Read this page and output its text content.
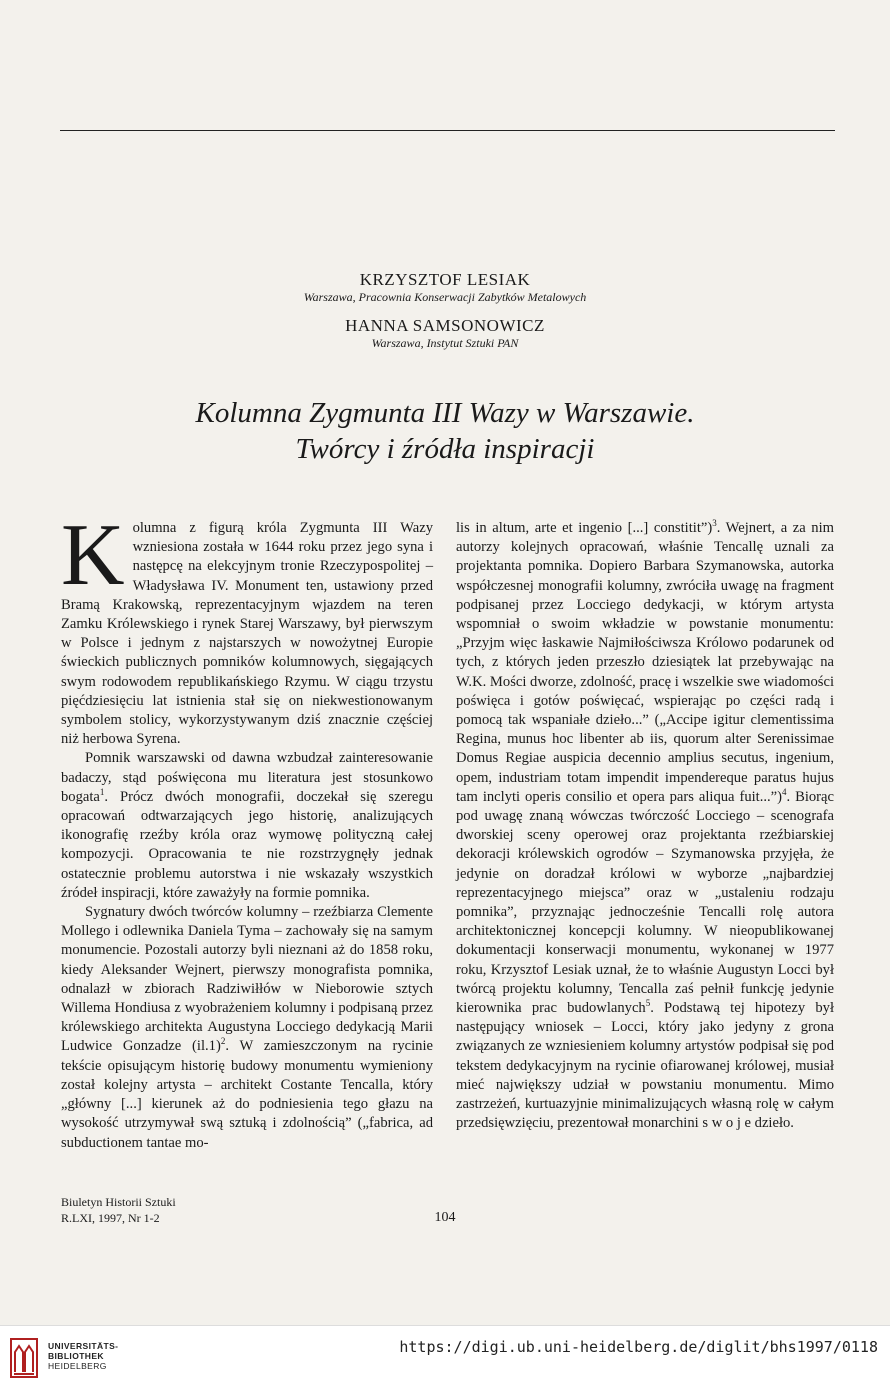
KRZYSZTOF LESIAK
Warszawa, Pracownia Konserwacji Zabytków Metalowych
HANNA SAMSONOWICZ
Warszawa, Instytut Sztuki PAN
Kolumna Zygmunta III Wazy w Warszawie.
Twórcy i źródła inspiracji

Kolumna z figurą króla Zygmunta III Wazy wzniesiona została w 1644 roku przez jego syna i następcę na elekcyjnym tronie Rzeczypospolitej – Władysława IV. Monument ten, ustawiony przed Bramą Krakowską, reprezentacyjnym wjazdem na teren Zamku Królewskiego i rynek Starej Warszawy, był pierwszym w Polsce i jednym z najstarszych w nowożytnej Europie świeckich publicznych pomników kolumnowych, sięgających swym rodowodem republikańskiego Rzymu. W ciągu trzystu pięćdziesięciu lat istnienia stał się on niekwestionowanym symbolem stolicy, wykorzystywanym dziś znacznie częściej niż herbowa Syrena.

Pomnik warszawski od dawna wzbudzał zainteresowanie badaczy, stąd poświęcona mu literatura jest stosunkowo bogata$^1$. Prócz dwóch monografii, doczekał się szeregu opracowań odtwarzających jego historię, analizujących ikonografię rzeźby króla oraz wymowę polityczną całej kompozycji. Opracowania te nie rozstrzygnęły jednak ostatecznie problemu autorstwa i nie wskazały wszystkich źródeł inspiracji, które zaważyły na formie pomnika.

Sygnatury dwóch twórców kolumny – rzeźbiarza Clemente Mollego i odlewnika Daniela Tyma – zachowały się na samym monumencie. Pozostali autorzy byli nieznani aż do 1858 roku, kiedy Aleksander Wejnert, pierwszy monografista pomnika, odnalazł w zbiorach Radziwiłłów w Nieborowie sztych Willema Hondiusa z wyobrażeniem kolumny i podpisaną przez królewskiego architekta Augustyna Locciego dedykacją Marii Ludwice Gonzadze $(il.1)^2$. W zamieszczonym na rycinie tekście opisującym historię budowy monumentu wymieniony został kolejny artysta – architekt Costante Tencalla, który „główny [...] kierunek aż do podniesienia tego głazu na wysokość utrzymywał swą sztuką i zdolnością” („fabrica, ad subductionem tantae mo-

lis in altum, arte et ingenio [...] constitit”)$^3$. Wejnert, a za nim autorzy kolejnych opracowań, właśnie Tencallę uznali za projektanta pomnika. Dopiero Barbara Szymanowska, autorka współczesnej monografii kolumny, zwróciła uwagę na fragment podpisanej przez Locciego dedykacji, w którym artysta wspomniał o swoim wkładzie w powstanie monumentu: „Przyjm więc łaskawie Najmiłościwsza Królowo podarunek od tych, z których jeden przeszło dziesiątek lat przebywając na W.K. Mości dworze, zdolność, pracę i wszelkie swe wiadomości poświęca i gotów poświęcać, wspierając po części radą i pomocą tak wspaniałe dzieło...” („Accipe igitur clementissima Regina, munus hoc libenter ab iis, quorum alter Serenissimae Domus Regiae auspicia decennio amplius secutus, ingenium, opem, industriam totam impendit impendereque paratus hujus tam inclyti operis consilio et opera pars aliqua fuit...”)$^4$. Biorąc pod uwagę znaną wówczas twórczość Locciego – scenografa dworskiej sceny operowej oraz projektanta rzeźbiarskiej dekoracji królewskich ogrodów – Szymanowska przyjęła, że jedynie on doradzał królowi w wyborze „najbardziej reprezentacyjnego miejsca” oraz w „ustaleniu rodzaju pomnika”, przyznając jednocześnie Tencalli rolę autora architektonicznej koncepcji kolumny. W nieopublikowanej dokumentacji konserwacji monumentu, wykonanej w 1977 roku, Krzysztof Lesiak uznał, że to właśnie Augustyn Locci był twórcą projektu kolumny, Tencalla zaś pełnił funkcję jedynie kierownika prac budowlanych$^5$. Podstawą tej hipotezy był następujący wniosek – Locci, który jako jedyny z grona związanych ze wzniesieniem kolumny artystów podpisał się pod tekstem dedykacyjnym na rycinie ofiarowanej królowej, musiał mieć największy udział w powstaniu monumentu. Mimo zastrzeżeń, kurtuazyjnie minimalizujących własną rolę w całym przedsięwzięciu, prezentował monarchini s w o j e dzieło.

Biuletyn Historii Sztuki
R.LXI, 1997, Nr 1-2	104
UNIVERSITÄTS-
BIBLIOTHEK
HEIDELBERG
https://digi.ub.uni-heidelberg.de/diglit/bhs1997/0118
